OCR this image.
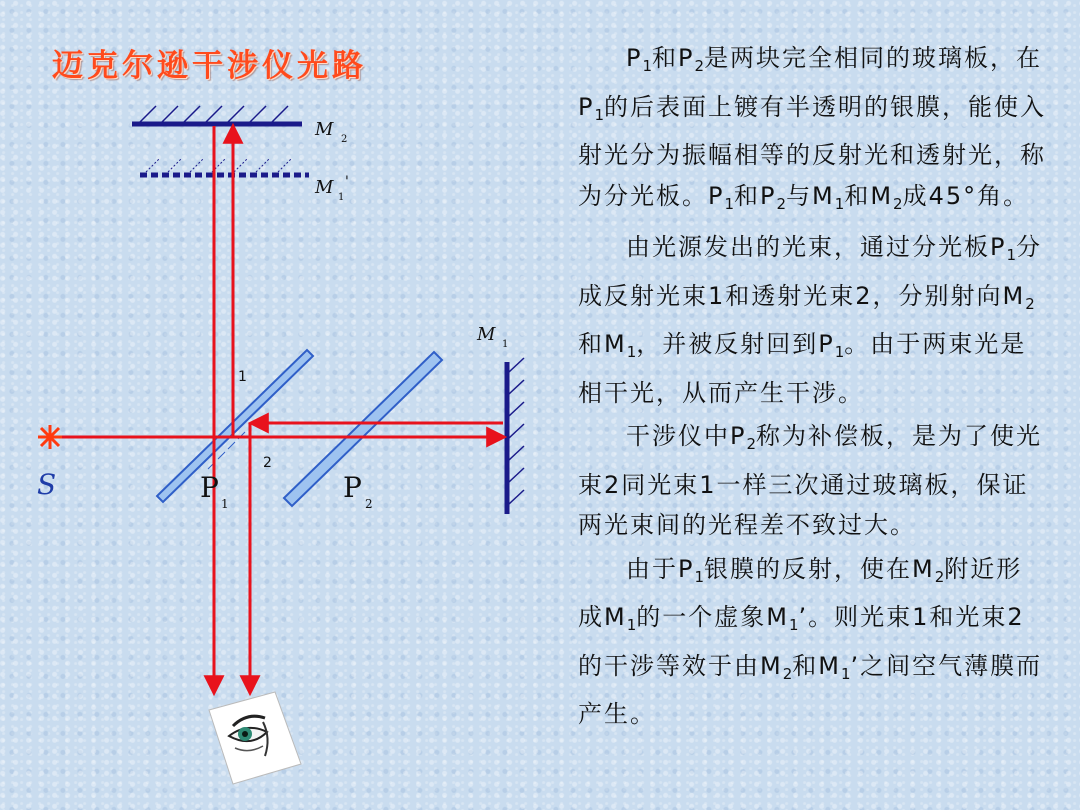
迈克尔逊干涉仪光路
M 2
M 1
'
M 1
1
2
P 1	P 2
S

$P_1$和$P_2$是两块完全相同的玻璃板，在$P_1$的后表面上镀有半透明的银膜，能使入射光分为振幅相等的反射光和透射光，称为分光板。$P_1$和$P_2$与$M_1$和$M_2$成45°角。

由光源发出的光束，通过分光板$P_1$分成反射光束1和透射光束2，分别射向$M_2$和$M_1$，并被反射回到$P_1$。由于两束光是相干光，从而产生干涉。

干涉仪中$P_2$称为补偿板，是为了使光束2同光束1一样三次通过玻璃板，保证两光束间的光程差不致过大。

由于$P_1$银膜的反射，使在$M_2$附近形成$M_1$的一个虚象$M_1$’。则光束1和光束2的干涉等效于由$M_2$和$M_1$’之间空气薄膜而产生。
